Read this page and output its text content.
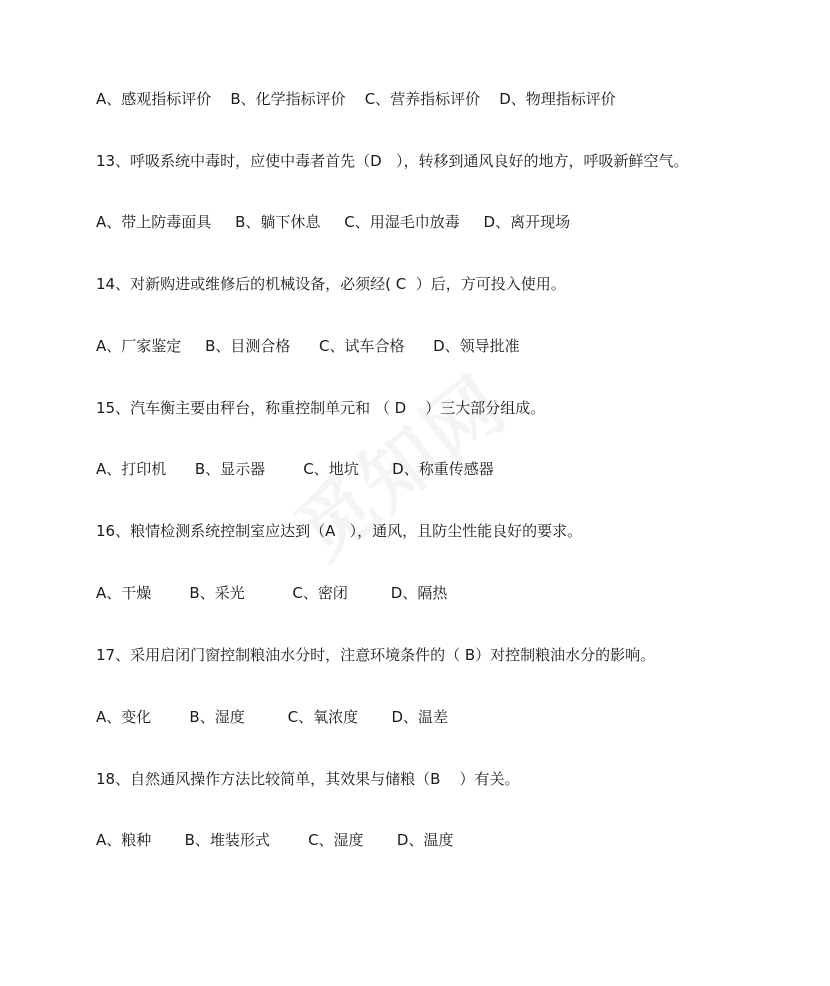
A、感观指标评价    B、化学指标评价    C、营养指标评价    D、物理指标评价
13、呼吸系统中毒时，应使中毒者首先（D   ），转移到通风良好的地方，呼吸新鲜空气。
A、带上防毒面具     B、躺下休息     C、用湿毛巾放毒     D、离开现场
14、对新购进或维修后的机械设备，必须经( C  ）后，方可投入使用。
A、厂家鉴定     B、目测合格      C、试车合格      D、领导批准
15、汽车衡主要由秤台，称重控制单元和 （ D    ）三大部分组成。
A、打印机      B、显示器        C、地坑       D、称重传感器
16、粮情检测系统控制室应达到（A   ），通风，且防尘性能良好的要求。
A、干燥        B、采光          C、密闭         D、隔热
17、采用启闭门窗控制粮油水分时，注意环境条件的（ B）对控制粮油水分的影响。
A、变化        B、湿度         C、氧浓度       D、温差
18、自然通风操作方法比较简单，其效果与储粮（B    ）有关。
A、粮种       B、堆装形式        C、湿度       D、温度
